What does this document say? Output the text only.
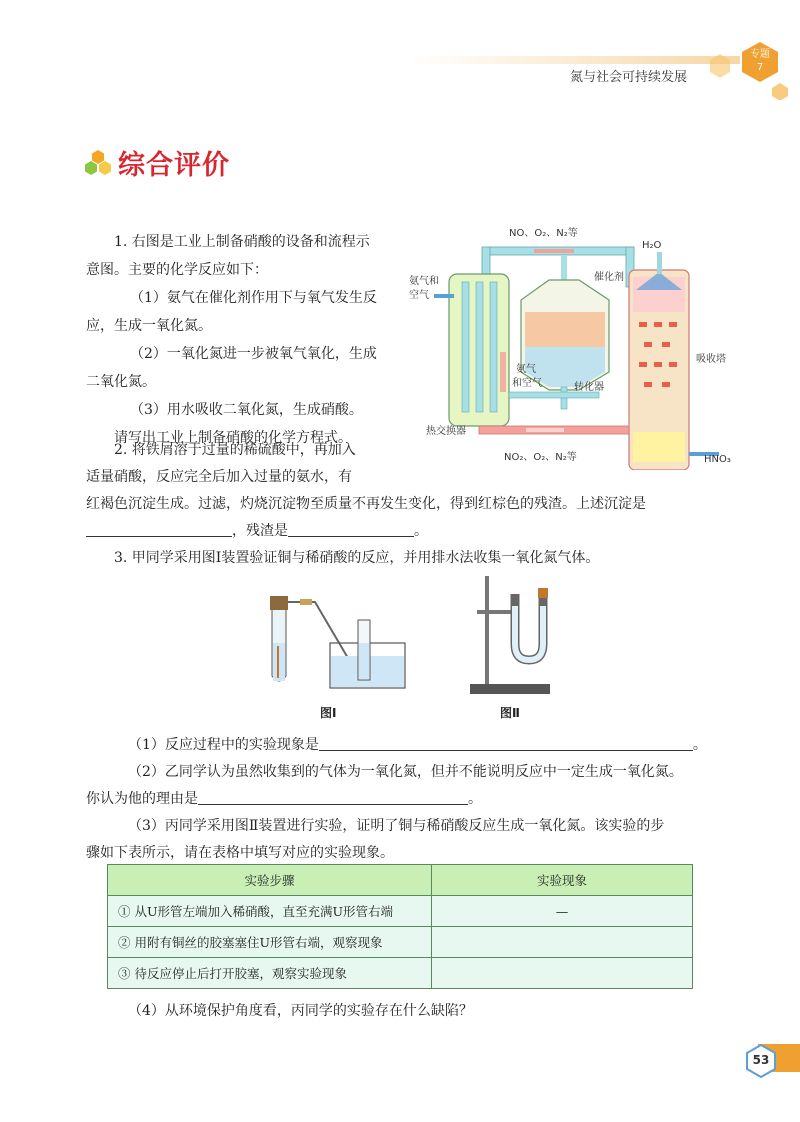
专题
7
氮与社会可持续发展
综合评价
1. 右图是工业上制备硝酸的设备和流程示
意图。主要的化学反应如下：
（1）氨气在催化剂作用下与氧气发生反
应，生成一氧化氮。
（2）一氧化氮进一步被氧气氧化，生成
二氧化氮。
（3）用水吸收二氧化氮，生成硝酸。
请写出工业上制备硝酸的化学方程式。
NO、O₂、N₂等
H₂O
氨气和
空气
催化剂
吸收塔
氨气
和空气	转化器
热交换器
NO₂、O₂、N₂等	HNO₃
2. 将铁屑溶于过量的稀硫酸中，再加入
适量硝酸，反应完全后加入过量的氨水，有
红褐色沉淀生成。过滤，灼烧沉淀物至质量不再发生变化，得到红棕色的残渣。上述沉淀是
，残渣是	。
3. 甲同学采用图Ⅰ装置验证铜与稀硝酸的反应，并用排水法收集一氧化氮气体。
图Ⅰ	图Ⅱ
（1）反应过程中的实验现象是	。
（2）乙同学认为虽然收集到的气体为一氧化氮，但并不能说明反应中一定生成一氧化氮。
你认为他的理由是	。
（3）丙同学采用图Ⅱ装置进行实验，证明了铜与稀硝酸反应生成一氧化氮。该实验的步
骤如下表所示，请在表格中填写对应的实验现象。
实验步骤	实验现象
① 从U形管左端加入稀硝酸，直至充满U形管右端	—
② 用附有铜丝的胶塞塞住U形管右端，观察现象	
③ 待反应停止后打开胶塞，观察实验现象	
（4）从环境保护角度看，丙同学的实验存在什么缺陷？
53
